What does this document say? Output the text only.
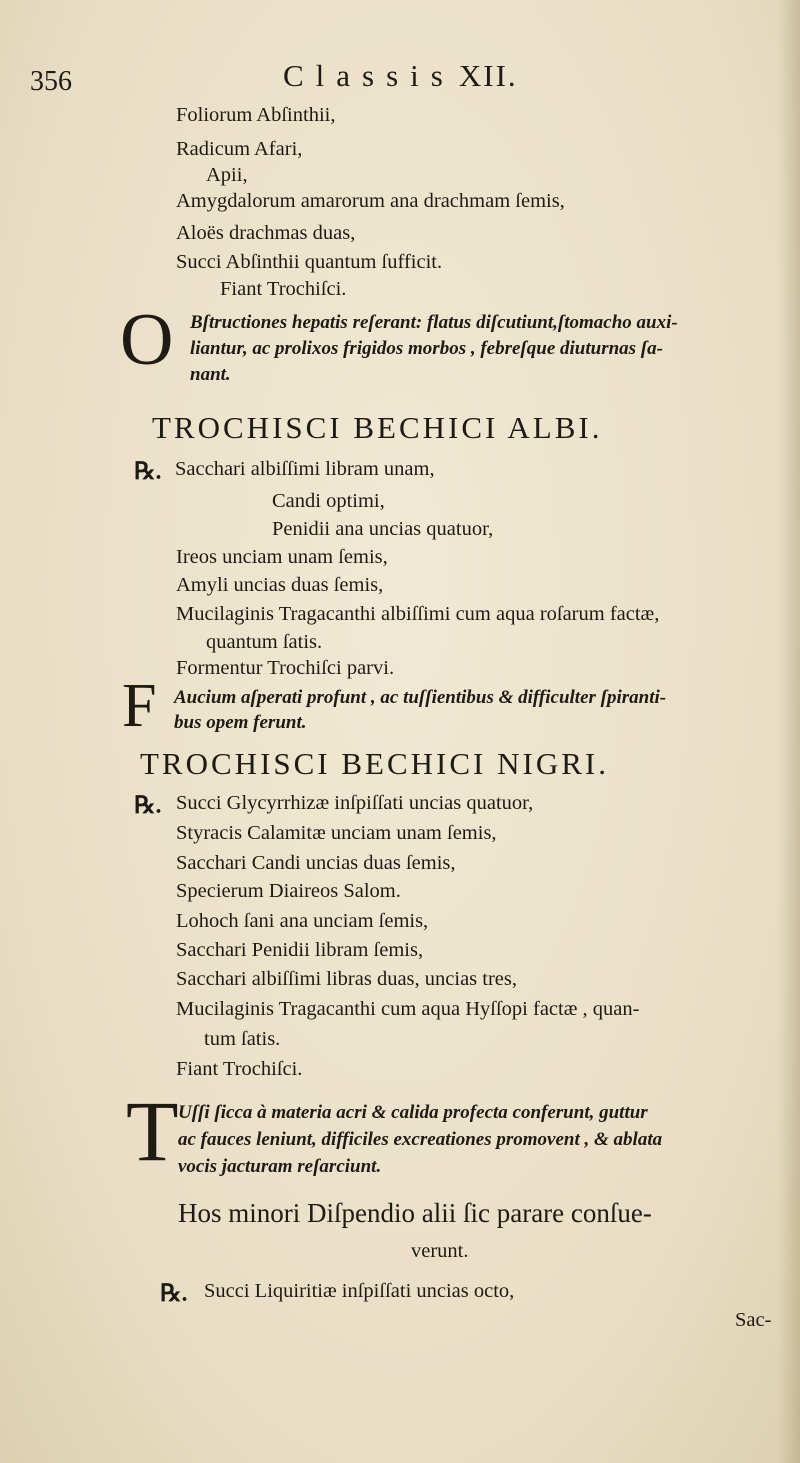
356	Classis XII.
Foliorum Abſinthii,
Radicum Afari,
Apii,
Amygdalorum amarorum ana drachmam ſemis,
Aloës drachmas duas,
Succi Abſinthii quantum ſufficit.
Fiant Trochiſci.
O Bſtructiones hepatis reſerant: flatus diſcutiunt,ſtomacho auxi-
liantur, ac prolixos frigidos morbos , febreſque diuturnas ſa-
nant.
TROCHISCI BECHICI ALBI.
℞. Sacchari albiſſimi libram unam,
Candi optimi,
Penidii ana uncias quatuor,
Ireos unciam unam ſemis,
Amyli uncias duas ſemis,
Mucilaginis Tragacanthi albiſſimi cum aqua roſarum factæ,
quantum ſatis.
Formentur Trochiſci parvi.
F Aucium aſperati profunt , ac tuſſientibus & difficulter ſpiranti-
bus opem ferunt.
TROCHISCI BECHICI NIGRI.
℞. Succi Glycyrrhizæ inſpiſſati uncias quatuor,
Styracis Calamitæ unciam unam ſemis,
Sacchari Candi uncias duas ſemis,
Specierum Diaireos Salom.
Lohoch ſani ana unciam ſemis,
Sacchari Penidii libram ſemis,
Sacchari albiſſimi libras duas, uncias tres,
Mucilaginis Tragacanthi cum aqua Hyſſopi factæ , quan-
tum ſatis.
Fiant Trochiſci.
T Uſſi ſicca à materia acri & calida profecta conferunt, guttur
ac fauces leniunt, difficiles excreationes promovent , & ablata
vocis jacturam reſarciunt.
Hos minori Diſpendio alii ſic parare conſue-
verunt.
℞. Succi Liquiritiæ inſpiſſati uncias octo,
Sac-
